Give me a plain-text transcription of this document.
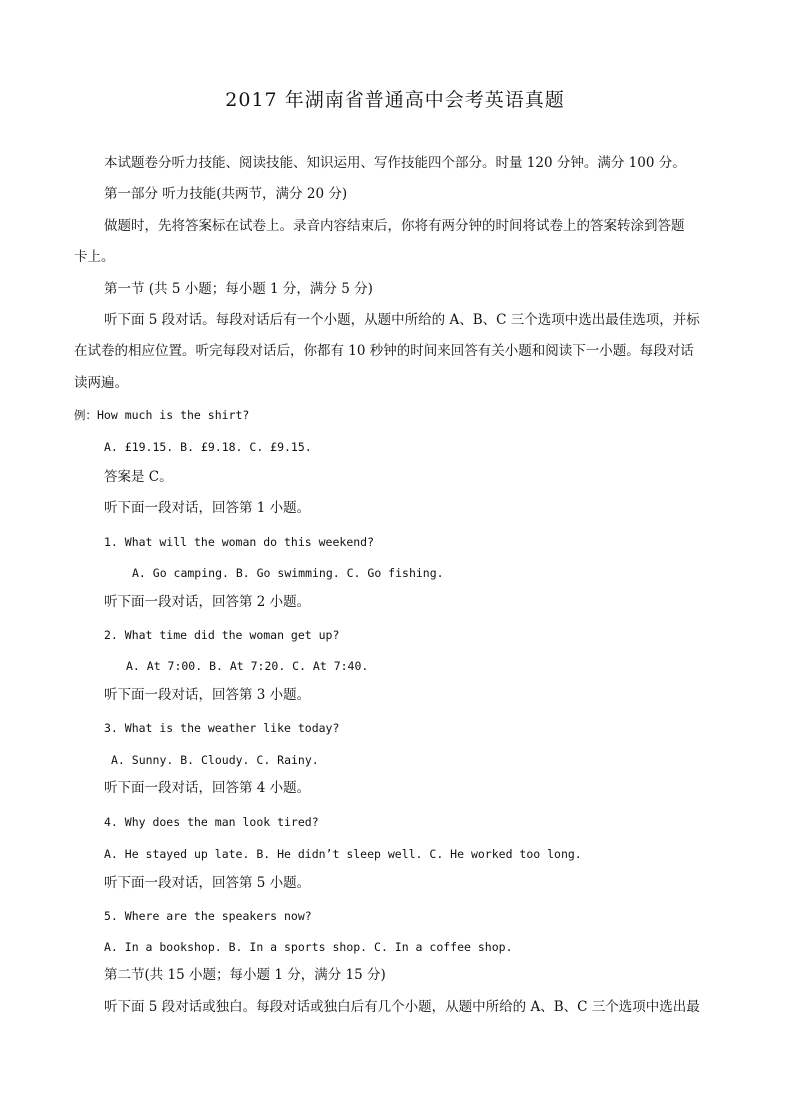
2017 年湖南省普通高中会考英语真题
本试题卷分听力技能、阅读技能、知识运用、写作技能四个部分。时量 120 分钟。满分 100 分。
第一部分 听力技能(共两节，满分 20 分)
做题时，先将答案标在试卷上。录音内容结束后，你将有两分钟的时间将试卷上的答案转涂到答题
卡上。
第一节 (共 5 小题；每小题 1 分，满分 5 分)
听下面 5 段对话。每段对话后有一个小题，从题中所给的 A、B、C 三个选项中选出最佳选项，并标
在试卷的相应位置。听完每段对话后，你都有 10 秒钟的时间来回答有关小题和阅读下一小题。每段对话
读两遍。
例：How much is the shirt?
A. £19.15. B. £9.18. C. £9.15.
答案是 C。
听下面一段对话，回答第 1 小题。
1. What will the woman do this weekend?
A. Go camping. B. Go swimming. C. Go fishing.
听下面一段对话，回答第 2 小题。
2. What time did the woman get up?
A. At 7:00. B. At 7:20. C. At 7:40.
听下面一段对话，回答第 3 小题。
3. What is the weather like today?
A. Sunny. B. Cloudy. C. Rainy.
听下面一段对话，回答第 4 小题。
4. Why does the man look tired?
A. He stayed up late. B. He didn’t sleep well. C. He worked too long.
听下面一段对话，回答第 5 小题。
5. Where are the speakers now?
A. In a bookshop. B. In a sports shop. C. In a coffee shop.
第二节(共 15 小题；每小题 1 分，满分 15 分)
听下面 5 段对话或独白。每段对话或独白后有几个小题，从题中所给的 A、B、C 三个选项中选出最
